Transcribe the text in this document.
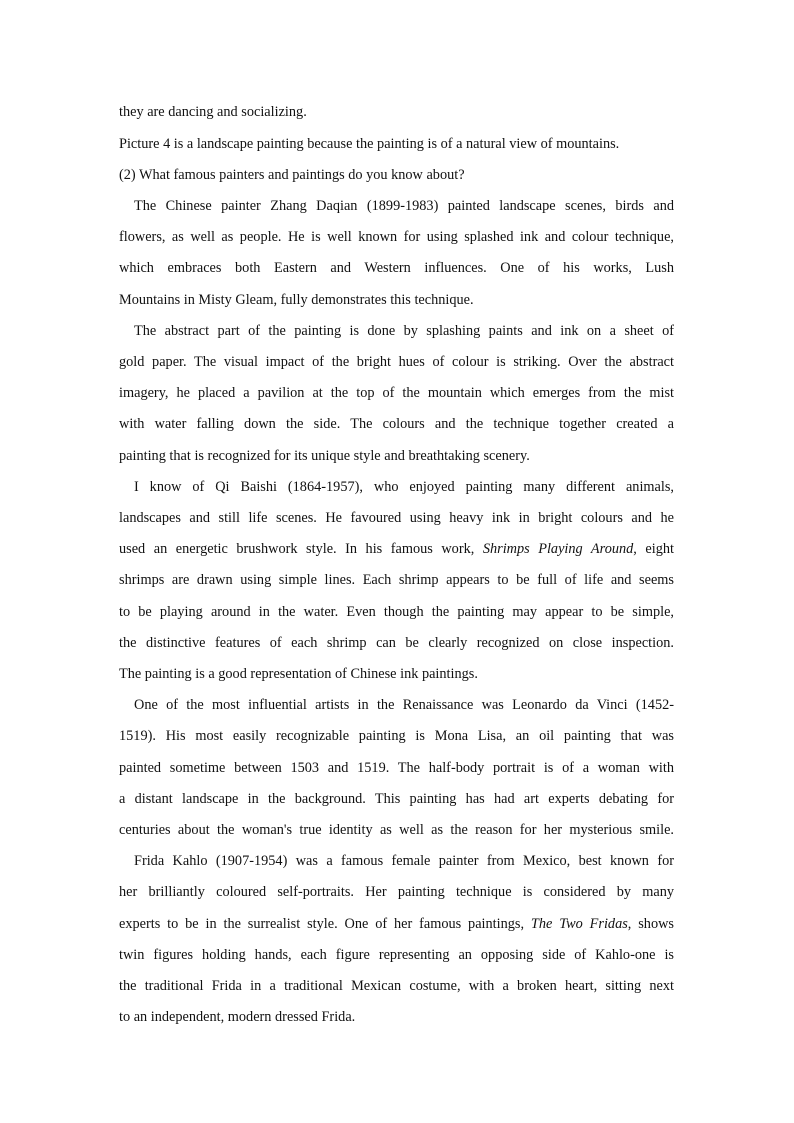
they are dancing and socializing.
Picture 4 is a landscape painting because the painting is of a natural view of mountains.
(2) What famous painters and paintings do you know about?
The Chinese painter Zhang Daqian (1899-1983) painted landscape scenes, birds and
flowers, as well as people. He is well known for using splashed ink and colour technique,
which embraces both Eastern and Western influences. One of his works, Lush
Mountains in Misty Gleam, fully demonstrates this technique.
The abstract part of the painting is done by splashing paints and ink on a sheet of
gold paper. The visual impact of the bright hues of colour is striking. Over the abstract
imagery, he placed a pavilion at the top of the mountain which emerges from the mist
with water falling down the side. The colours and the technique together created a
painting that is recognized for its unique style and breathtaking scenery.
I know of Qi Baishi (1864-1957), who enjoyed painting many different animals,
landscapes and still life scenes. He favoured using heavy ink in bright colours and he
used an energetic brushwork style. In his famous work, Shrimps Playing Around, eight
shrimps are drawn using simple lines. Each shrimp appears to be full of life and seems
to be playing around in the water. Even though the painting may appear to be simple,
the distinctive features of each shrimp can be clearly recognized on close inspection.
The painting is a good representation of Chinese ink paintings.
One of the most influential artists in the Renaissance was Leonardo da Vinci (1452-
1519). His most easily recognizable painting is Mona Lisa, an oil painting that was
painted sometime between 1503 and 1519. The half-body portrait is of a woman with
a distant landscape in the background. This painting has had art experts debating for
centuries about the woman's true identity as well as the reason for her mysterious smile.
Frida Kahlo (1907-1954) was a famous female painter from Mexico, best known for
her brilliantly coloured self-portraits. Her painting technique is considered by many
experts to be in the surrealist style. One of her famous paintings, The Two Fridas, shows
twin figures holding hands, each figure representing an opposing side of Kahlo-one is
the traditional Frida in a traditional Mexican costume, with a broken heart, sitting next
to an independent, modern dressed Frida.
